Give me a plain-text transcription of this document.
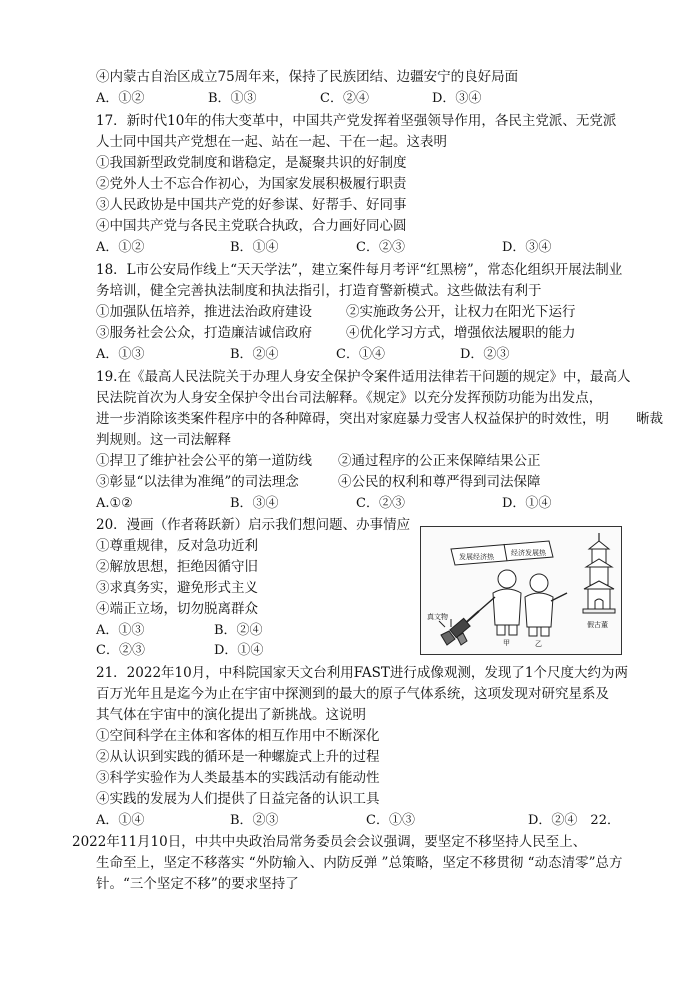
④内蒙古自治区成立75周年来，保持了民族团结、边疆安宁的良好局面
A．①②	B．①③	C．②④	D．③④
17．新时代10年的伟大变革中，中国共产党发挥着坚强领导作用，各民主党派、无党派
人士同中国共产党想在一起、站在一起、干在一起。这表明
①我国新型政党制度和谐稳定，是凝聚共识的好制度
②党外人士不忘合作初心，为国家发展积极履行职责
③人民政协是中国共产党的好参谋、好帮手、好同事
④中国共产党与各民主党联合执政，合力画好同心圆
A．①②	B．①④	C．②③	D．③④
18．L市公安局作线上“天天学法”，建立案件每月考评“红黑榜”，常态化组织开展法制业
务培训，健全完善执法制度和执法指引，打造育警新模式。这些做法有利于
①加强队伍培养，推进法治政府建设	②实施政务公开，让权力在阳光下运行
③服务社会公众，打造廉洁诚信政府	④优化学习方式，增强依法履职的能力
A．①③	B．②④	C．①④	D．②③
19.在《最高人民法院关于办理人身安全保护令案件适用法律若干问题的规定》中，最高人
民法院首次为人身安全保护令出台司法解释。《规定》以充分发挥预防功能为出发点，
进一步消除该类案件程序中的各种障碍，突出对家庭暴力受害人权益保护的时效性，明　　晰裁
判规则。这一司法解释
①捍卫了维护社会公平的第一道防线 ②通过程序的公正来保障结果公正
③彰显“以法律为准绳”的司法理念	④公民的权利和尊严得到司法保障
A.①②	B．③④	C．②③	D．①④
20．漫画（作者蒋跃新）启示我们想问题、办事情应
①尊重规律，反对急功近利
②解放思想，拒绝因循守旧
③求真务实，避免形式主义
④端正立场，切勿脱离群众
A．①③	B．②④
C．②③	D．①④
发展经济热 经济发展热
假古董
甲	乙
真文物
21．2022年10月，中科院国家天文台利用FAST进行成像观测，发现了1个尺度大约为两
百万光年且是迄今为止在宇宙中探测到的最大的原子气体系统，这项发现对研究星系及
其气体在宇宙中的演化提出了新挑战。这说明
①空间科学在主体和客体的相互作用中不断深化
②从认识到实践的循环是一种螺旋式上升的过程
③科学实验作为人类最基本的实践活动有能动性
④实践的发展为人们提供了日益完备的认识工具
A．①④	B．②③	C．①③	D．②④　22．
2022年11月10日，中共中央政治局常务委员会会议强调，要坚定不移坚持人民至上、
生命至上，坚定不移落实 “外防输入、内防反弹 ”总策略，坚定不移贯彻 “动态清零”总方
针。“三个坚定不移”的要求坚持了
